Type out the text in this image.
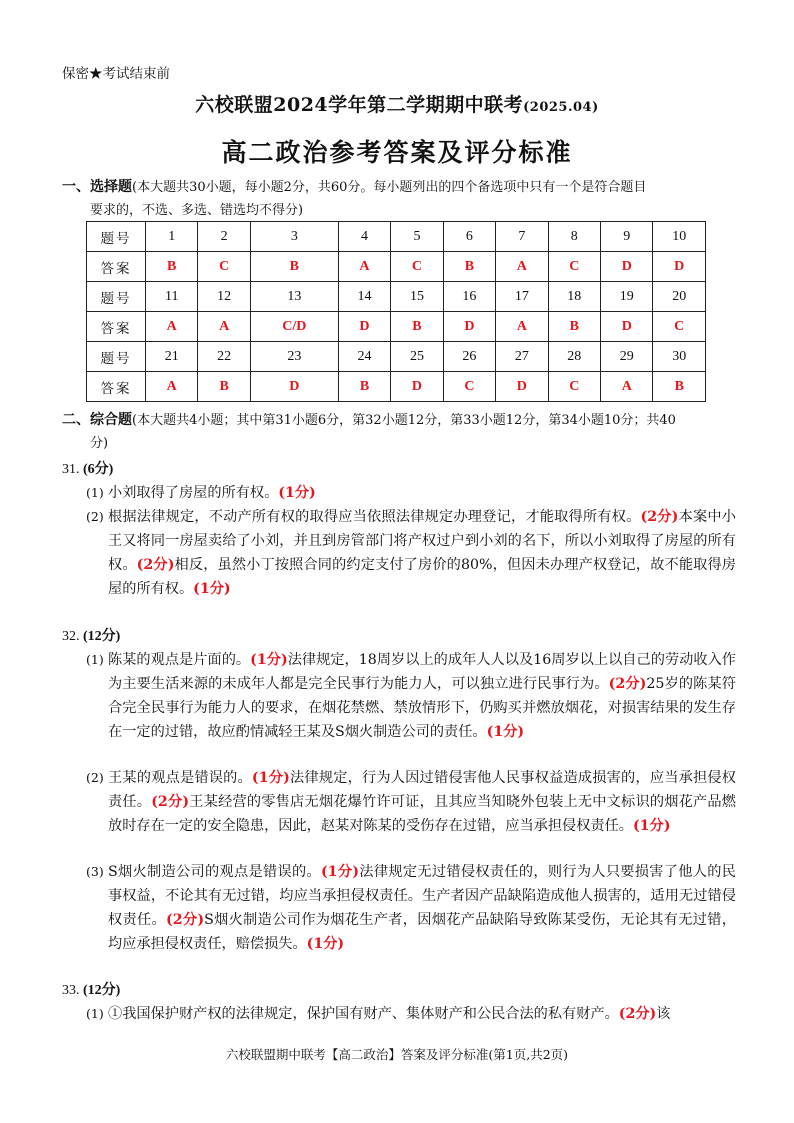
保密★考试结束前
六校联盟2024学年第二学期期中联考(2025.04)
高二政治参考答案及评分标准
一、选择题(本大题共30小题，每小题2分，共60分。每小题列出的四个备选项中只有一个是符合题目
要求的，不选、多选、错选均不得分)
题号	1	2	3	4	5	6	7	8	9	10
答案	B	C	B	A	C	B	A	C	D	D
题号	11	12	13	14	15	16	17	18	19	20
答案	A	A	C/D	D	B	D	A	B	D	C
题号	21	22	23	24	25	26	27	28	29	30
答案	A	B	D	B	D	C	D	C	A	B
二、综合题(本大题共4小题；其中第31小题6分，第32小题12分，第33小题12分，第34小题10分；共40
分)
31. (6分)
(1) 小刘取得了房屋的所有权。(1分)
(2) 根据法律规定，不动产所有权的取得应当依照法律规定办理登记，才能取得所有权。(2分)本案中小王又将同一房屋卖给了小刘，并且到房管部门将产权过户到小刘的名下，所以小刘取得了房屋的所有权。(2分)相反，虽然小丁按照合同的约定支付了房价的80%，但因未办理产权登记，故不能取得房屋的所有权。(1分)
32. (12分)
(1) 陈某的观点是片面的。(1分)法律规定，18周岁以上的成年人人以及16周岁以上以自己的劳动收入作为主要生活来源的未成年人都是完全民事行为能力人，可以独立进行民事行为。(2分)25岁的陈某符合完全民事行为能力人的要求，在烟花禁燃、禁放情形下，仍购买并燃放烟花，对损害结果的发生存在一定的过错，故应酌情减轻王某及S烟火制造公司的责任。(1分)
(2) 王某的观点是错误的。(1分)法律规定，行为人因过错侵害他人民事权益造成损害的，应当承担侵权责任。(2分)王某经营的零售店无烟花爆竹许可证，且其应当知晓外包装上无中文标识的烟花产品燃放时存在一定的安全隐患，因此，赵某对陈某的受伤存在过错，应当承担侵权责任。(1分)
(3) S烟火制造公司的观点是错误的。(1分)法律规定无过错侵权责任的，则行为人只要损害了他人的民事权益，不论其有无过错，均应当承担侵权责任。生产者因产品缺陷造成他人损害的，适用无过错侵权责任。(2分)S烟火制造公司作为烟花生产者，因烟花产品缺陷导致陈某受伤，无论其有无过错，均应承担侵权责任，赔偿损失。(1分)
33. (12分)
(1) ①我国保护财产权的法律规定，保护国有财产、集体财产和公民合法的私有财产。(2分)该
六校联盟期中联考【高二政治】答案及评分标准(第1页,共2页)
